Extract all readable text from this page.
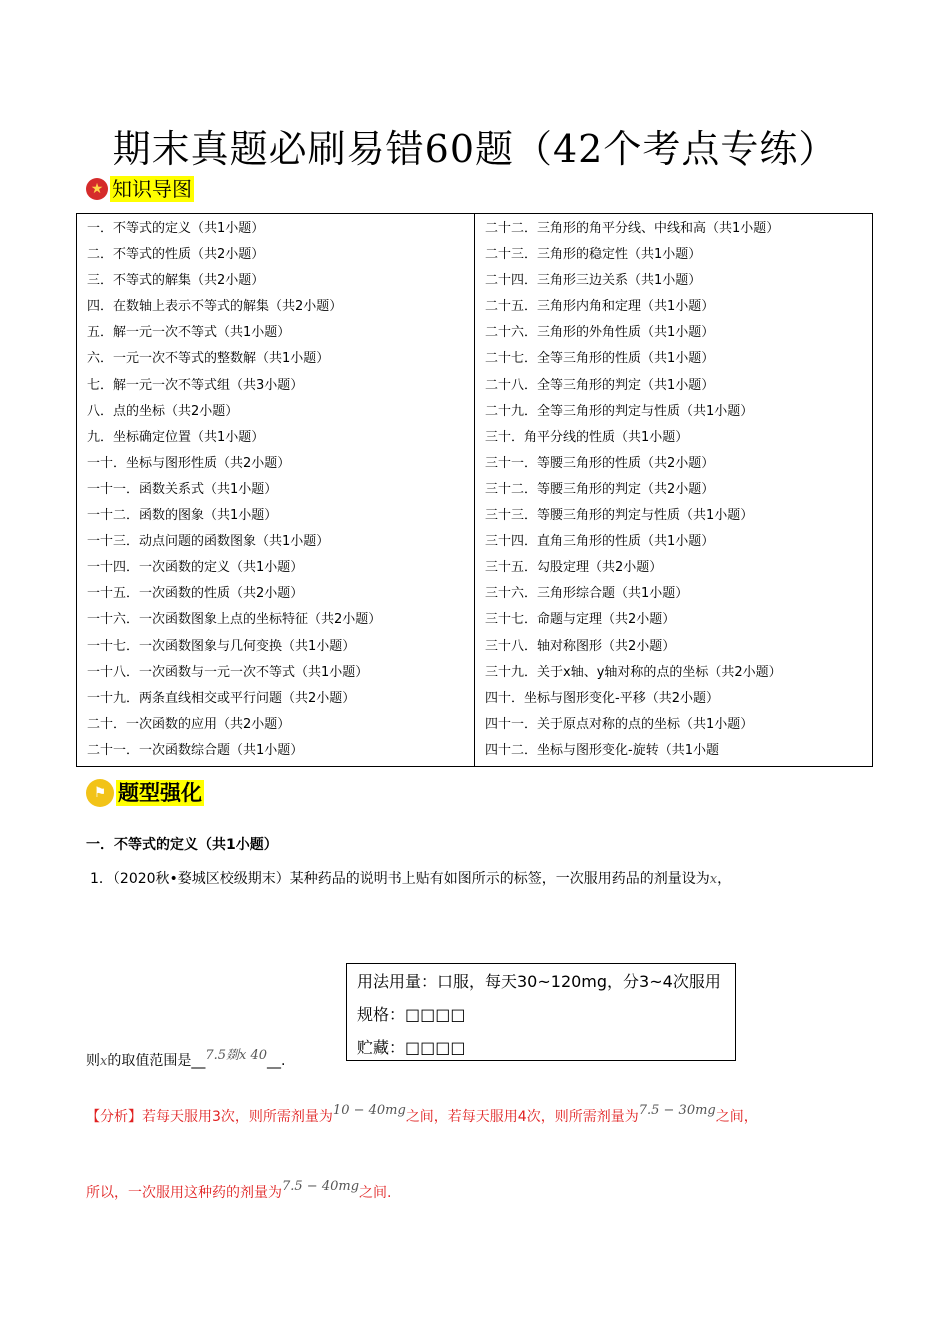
期末真题必刷易错60题（42个考点专练）
★ 知识导图
一．不等式的定义（共1小题）
二．不等式的性质（共2小题）
三．不等式的解集（共2小题）
四．在数轴上表示不等式的解集（共2小题）
五．解一元一次不等式（共1小题）
六．一元一次不等式的整数解（共1小题）
七．解一元一次不等式组（共3小题）
八．点的坐标（共2小题）
九．坐标确定位置（共1小题）
一十．坐标与图形性质（共2小题）
一十一．函数关系式（共1小题）
一十二．函数的图象（共1小题）
一十三．动点问题的函数图象（共1小题）
一十四．一次函数的定义（共1小题）
一十五．一次函数的性质（共2小题）
一十六．一次函数图象上点的坐标特征（共2小题）
一十七．一次函数图象与几何变换（共1小题）
一十八．一次函数与一元一次不等式（共1小题）
一十九．两条直线相交或平行问题（共2小题）
二十．一次函数的应用（共2小题）
二十一．一次函数综合题（共1小题）

二十二．三角形的角平分线、中线和高（共1小题）
二十三．三角形的稳定性（共1小题）
二十四．三角形三边关系（共1小题）
二十五．三角形内角和定理（共1小题）
二十六．三角形的外角性质（共1小题）
二十七．全等三角形的性质（共1小题）
二十八．全等三角形的判定（共1小题）
二十九．全等三角形的判定与性质（共1小题）
三十．角平分线的性质（共1小题）
三十一．等腰三角形的性质（共2小题）
三十二．等腰三角形的判定（共2小题）
三十三．等腰三角形的判定与性质（共1小题）
三十四．直角三角形的性质（共1小题）
三十五．勾股定理（共2小题）
三十六．三角形综合题（共1小题）
三十七．命题与定理（共2小题）
三十八．轴对称图形（共2小题）
三十九．关于x轴、y轴对称的点的坐标（共2小题）
四十．坐标与图形变化-平移（共2小题）
四十一．关于原点对称的点的坐标（共1小题）
四十二．坐标与图形变化-旋转（共1小题
⚑ 题型强化
一．不等式的定义（共1小题）
1．（2020秋•婺城区校级期末）某种药品的说明书上贴有如图所示的标签，一次服用药品的剂量设为x，
用法用量：口服，每天30~120mg，分3~4次服用
规格：□□□□
贮藏：□□□□
则x的取值范围是__7.5剟x 40__.
【分析】若每天服用3次，则所需剂量为10 − 40mg之间，若每天服用4次，则所需剂量为7.5 − 30mg之间，
所以，一次服用这种药的剂量为7.5 − 40mg之间.
